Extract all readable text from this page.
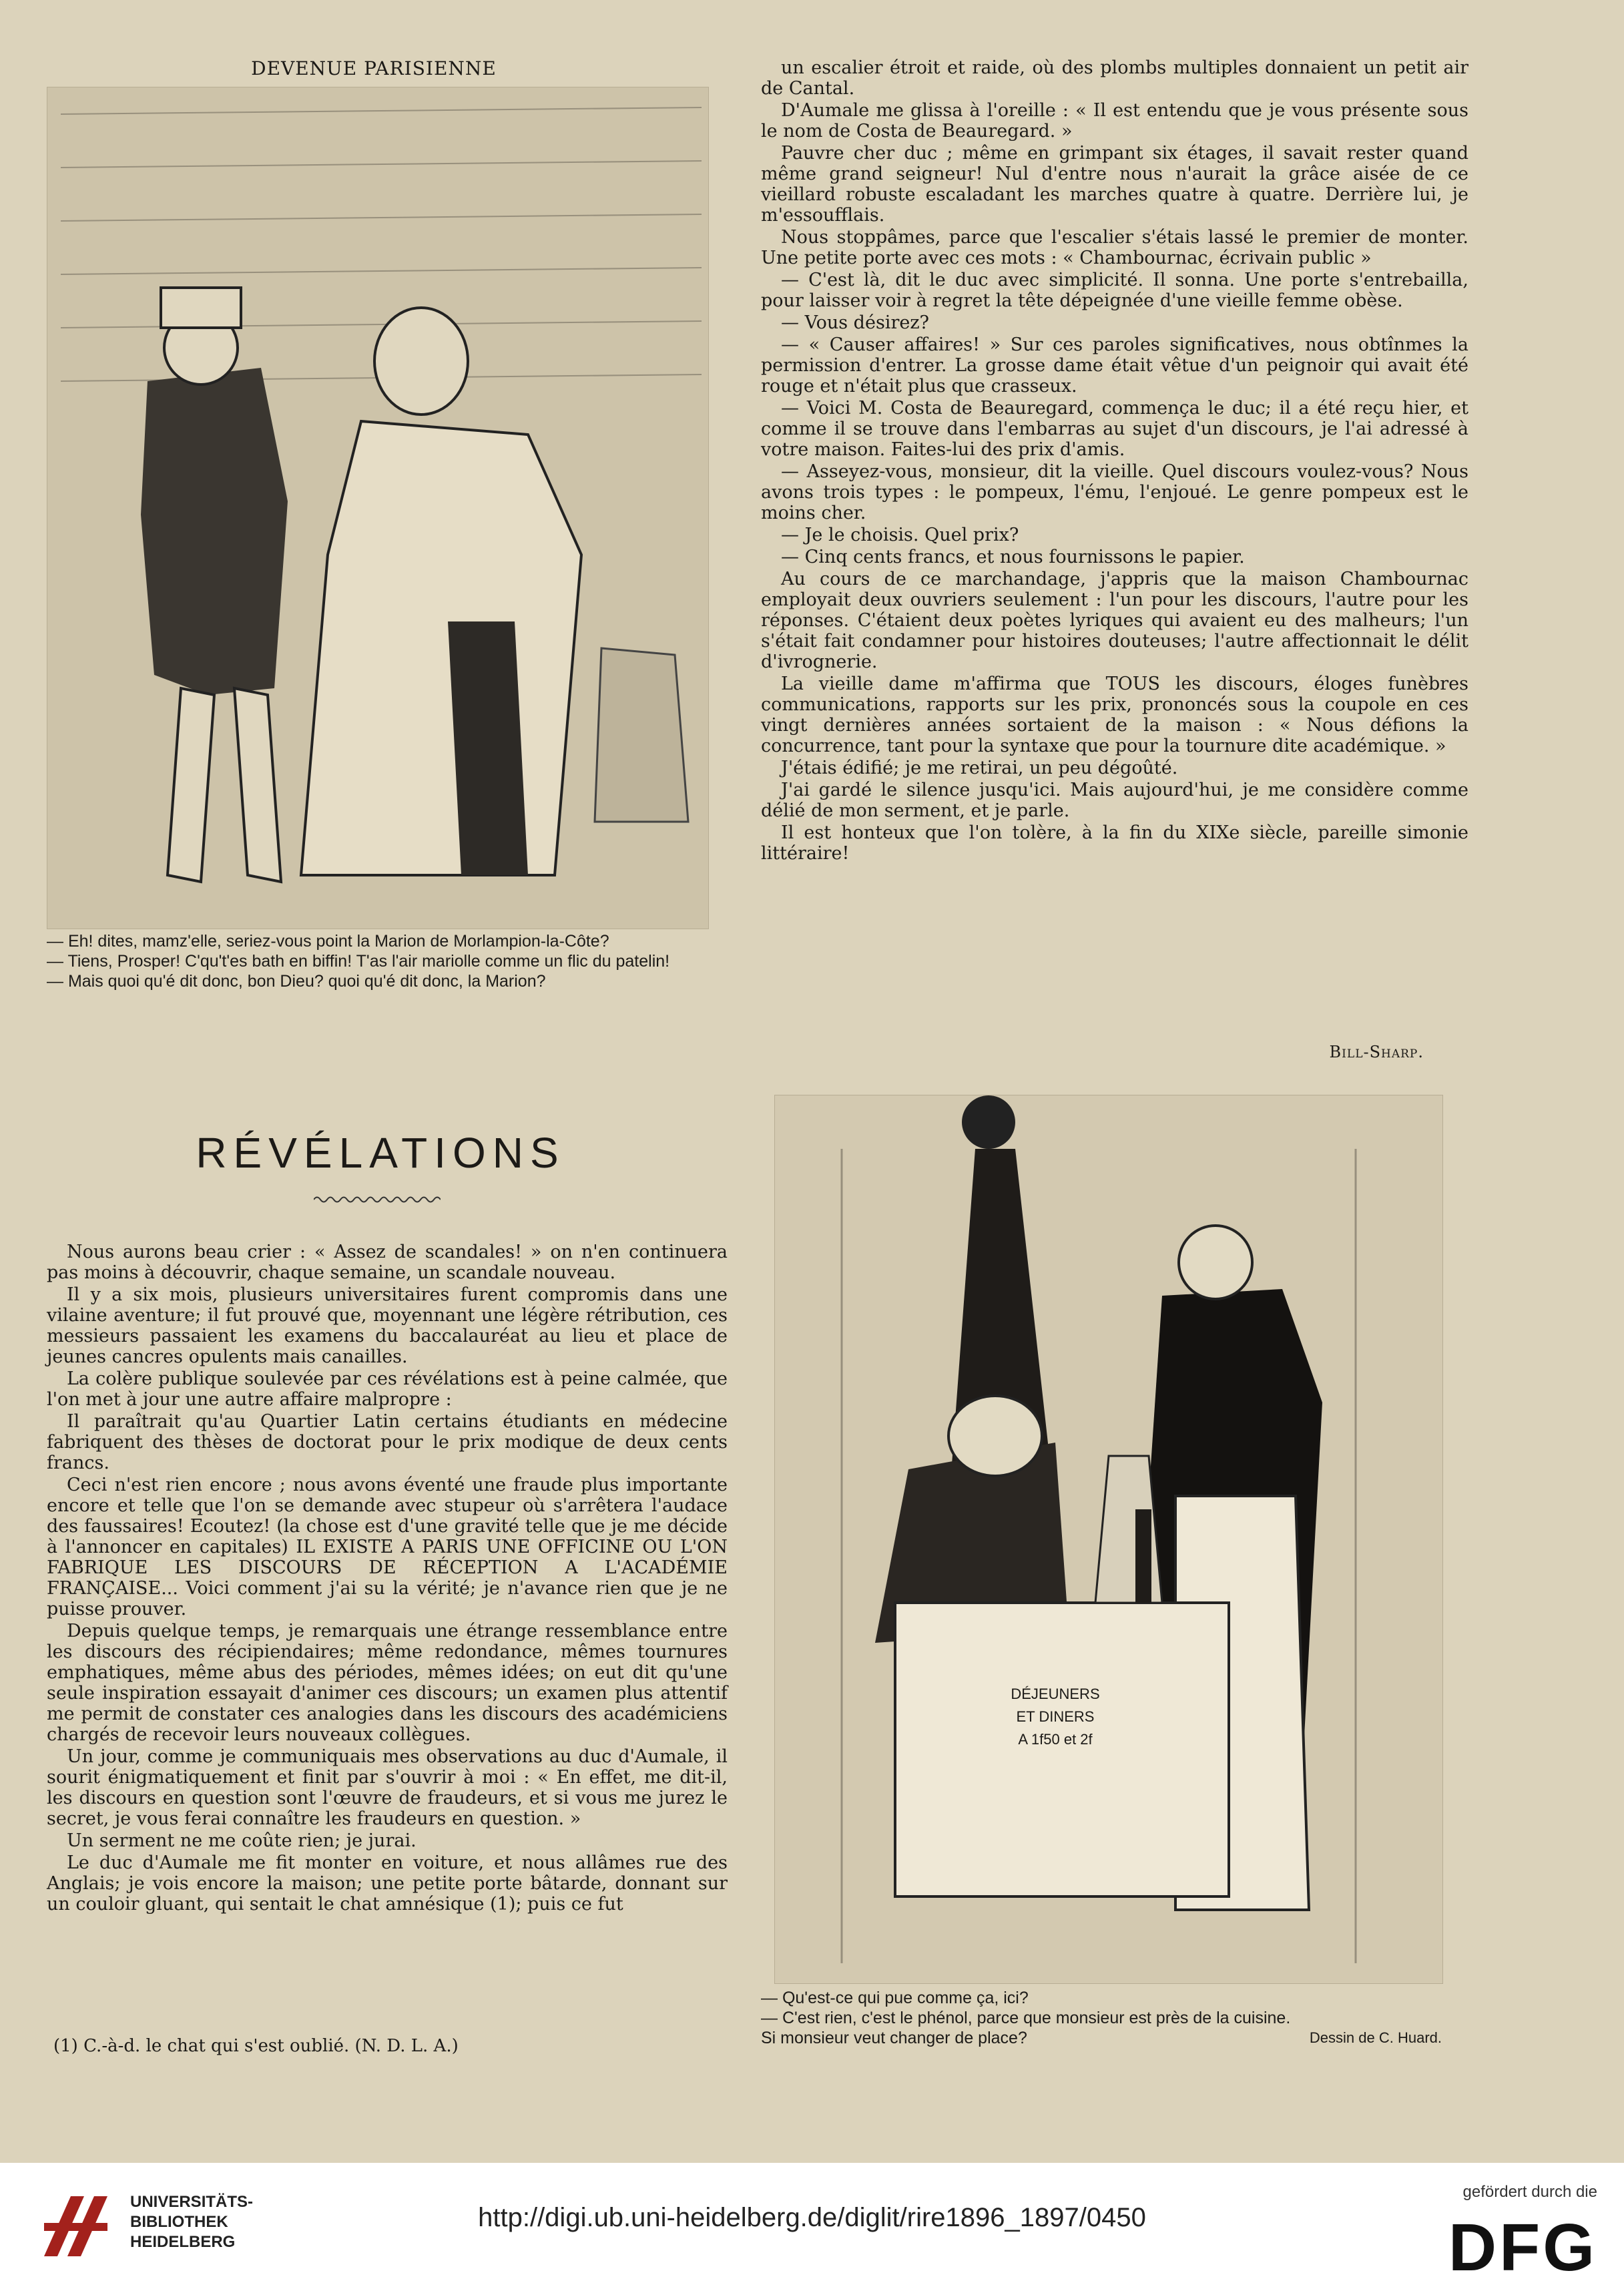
DEVENUE PARISIENNE
— Eh! dites, mamz'elle, seriez-vous point la Marion de Morlampion-la-Côte?
— Tiens, Prosper! C'qu't'es bath en biffin! T'as l'air mariolle comme un flic du patelin!
— Mais quoi qu'é dit donc, bon Dieu? quoi qu'é dit donc, la Marion?
RÉVÉLATIONS

Nous aurons beau crier : « Assez de scandales! » on n'en continuera pas moins à découvrir, chaque semaine, un scandale nouveau.

Il y a six mois, plusieurs universitaires furent compromis dans une vilaine aventure; il fut prouvé que, moyennant une légère rétribution, ces messieurs passaient les examens du baccalauréat au lieu et place de jeunes cancres opulents mais canailles.

La colère publique soulevée par ces révélations est à peine calmée, que l'on met à jour une autre affaire malpropre :

Il paraîtrait qu'au Quartier Latin certains étudiants en médecine fabriquent des thèses de doctorat pour le prix modique de deux cents francs.

Ceci n'est rien encore ; nous avons éventé une fraude plus importante encore et telle que l'on se demande avec stupeur où s'arrêtera l'audace des faussaires! Ecoutez! (la chose est d'une gravité telle que je me décide à l'annoncer en capitales) IL EXISTE A PARIS UNE OFFICINE OU L'ON FABRIQUE LES DISCOURS DE RÉCEPTION A L'ACADÉMIE FRANÇAISE... Voici comment j'ai su la vérité; je n'avance rien que je ne puisse prouver.

Depuis quelque temps, je remarquais une étrange ressemblance entre les discours des récipiendaires; même redondance, mêmes tournures emphatiques, même abus des périodes, mêmes idées; on eut dit qu'une seule inspiration essayait d'animer ces discours; un examen plus attentif me permit de constater ces analogies dans les discours des académiciens chargés de recevoir leurs nouveaux collègues.

Un jour, comme je communiquais mes observations au duc d'Aumale, il sourit énigmatiquement et finit par s'ouvrir à moi : « En effet, me dit-il, les discours en question sont l'œuvre de fraudeurs, et si vous me jurez le secret, je vous ferai connaître les fraudeurs en question. »

Un serment ne me coûte rien; je jurai.

Le duc d'Aumale me fit monter en voiture, et nous allâmes rue des Anglais; je vois encore la maison; une petite porte bâtarde, donnant sur un couloir gluant, qui sentait le chat amnésique (1); puis ce fut

(1) C.-à-d. le chat qui s'est oublié. (N. D. L. A.)

un escalier étroit et raide, où des plombs multiples donnaient un petit air de Cantal.

D'Aumale me glissa à l'oreille : « Il est entendu que je vous présente sous le nom de Costa de Beauregard. »

Pauvre cher duc ; même en grimpant six étages, il savait rester quand même grand seigneur! Nul d'entre nous n'aurait la grâce aisée de ce vieillard robuste escaladant les marches quatre à quatre. Derrière lui, je m'essoufflais.

Nous stoppâmes, parce que l'escalier s'étais lassé le premier de monter. Une petite porte avec ces mots : « Chambournac, écrivain public »

— C'est là, dit le duc avec simplicité. Il sonna. Une porte s'entrebailla, pour laisser voir à regret la tête dépeignée d'une vieille femme obèse.

— Vous désirez?

— « Causer affaires! » Sur ces paroles significatives, nous obtînmes la permission d'entrer. La grosse dame était vêtue d'un peignoir qui avait été rouge et n'était plus que crasseux.

— Voici M. Costa de Beauregard, commença le duc; il a été reçu hier, et comme il se trouve dans l'embarras au sujet d'un discours, je l'ai adressé à votre maison. Faites-lui des prix d'amis.

— Asseyez-vous, monsieur, dit la vieille. Quel discours voulez-vous? Nous avons trois types : le pompeux, l'ému, l'enjoué. Le genre pompeux est le moins cher.

— Je le choisis. Quel prix?

— Cinq cents francs, et nous fournissons le papier.

Au cours de ce marchandage, j'appris que la maison Chambournac employait deux ouvriers seulement : l'un pour les discours, l'autre pour les réponses. C'étaient deux poètes lyriques qui avaient eu des malheurs; l'un s'était fait condamner pour histoires douteuses; l'autre affectionnait le délit d'ivrognerie.

La vieille dame m'affirma que TOUS les discours, éloges funèbres communications, rapports sur les prix, prononcés sous la coupole en ces vingt dernières années sortaient de la maison : « Nous défions la concurrence, tant pour la syntaxe que pour la tournure dite académique. »

J'étais édifié; je me retirai, un peu dégoûté.

J'ai gardé le silence jusqu'ici. Mais aujourd'hui, je me considère comme délié de mon serment, et je parle.

Il est honteux que l'on tolère, à la fin du XIXe siècle, pareille simonie littéraire!

Bill-Sharp.
DÉJEUNERS
ET DINERS
A 1f50 et 2f
— Qu'est-ce qui pue comme ça, ici?
— C'est rien, c'est le phénol, parce que monsieur est près de la cuisine.
Si monsieur veut changer de place?	Dessin de C. Huard.
UNIVERSITÄTS-
BIBLIOTHEK
HEIDELBERG
http://digi.ub.uni-heidelberg.de/diglit/rire1896_1897/0450
gefördert durch die
DFG
